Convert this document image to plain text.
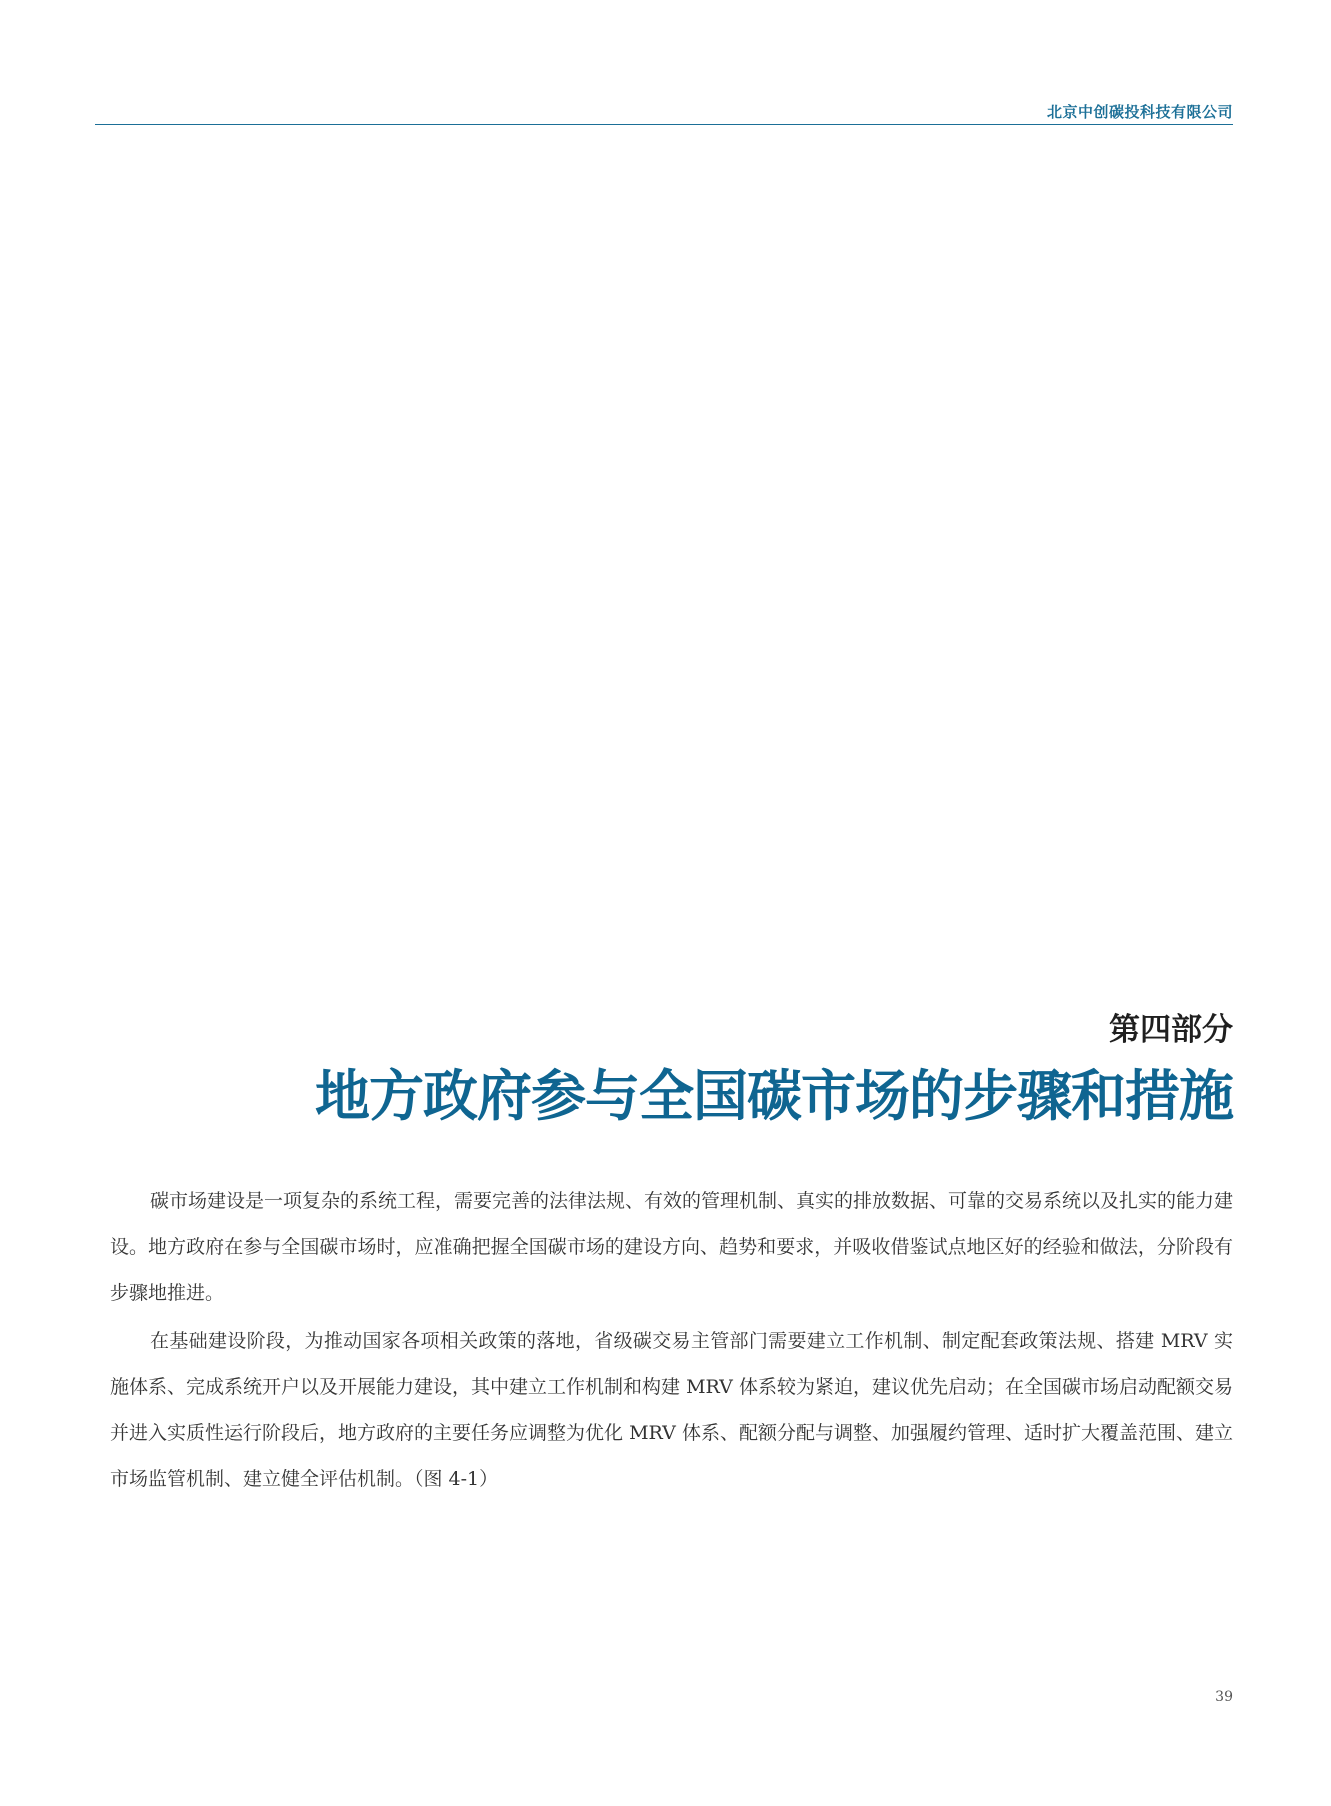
北京中创碳投科技有限公司
第四部分
地方政府参与全国碳市场的步骤和措施

碳市场建设是一项复杂的系统工程，需要完善的法律法规、有效的管理机制、真实的排放数据、可靠的交易系统以及扎实的能力建设。地方政府在参与全国碳市场时，应准确把握全国碳市场的建设方向、趋势和要求，并吸收借鉴试点地区好的经验和做法，分阶段有步骤地推进。

在基础建设阶段，为推动国家各项相关政策的落地，省级碳交易主管部门需要建立工作机制、制定配套政策法规、搭建 MRV 实施体系、完成系统开户以及开展能力建设，其中建立工作机制和构建 MRV 体系较为紧迫，建议优先启动；在全国碳市场启动配额交易并进入实质性运行阶段后，地方政府的主要任务应调整为优化 MRV 体系、配额分配与调整、加强履约管理、适时扩大覆盖范围、建立市场监管机制、建立健全评估机制。（图 4-1）

39
